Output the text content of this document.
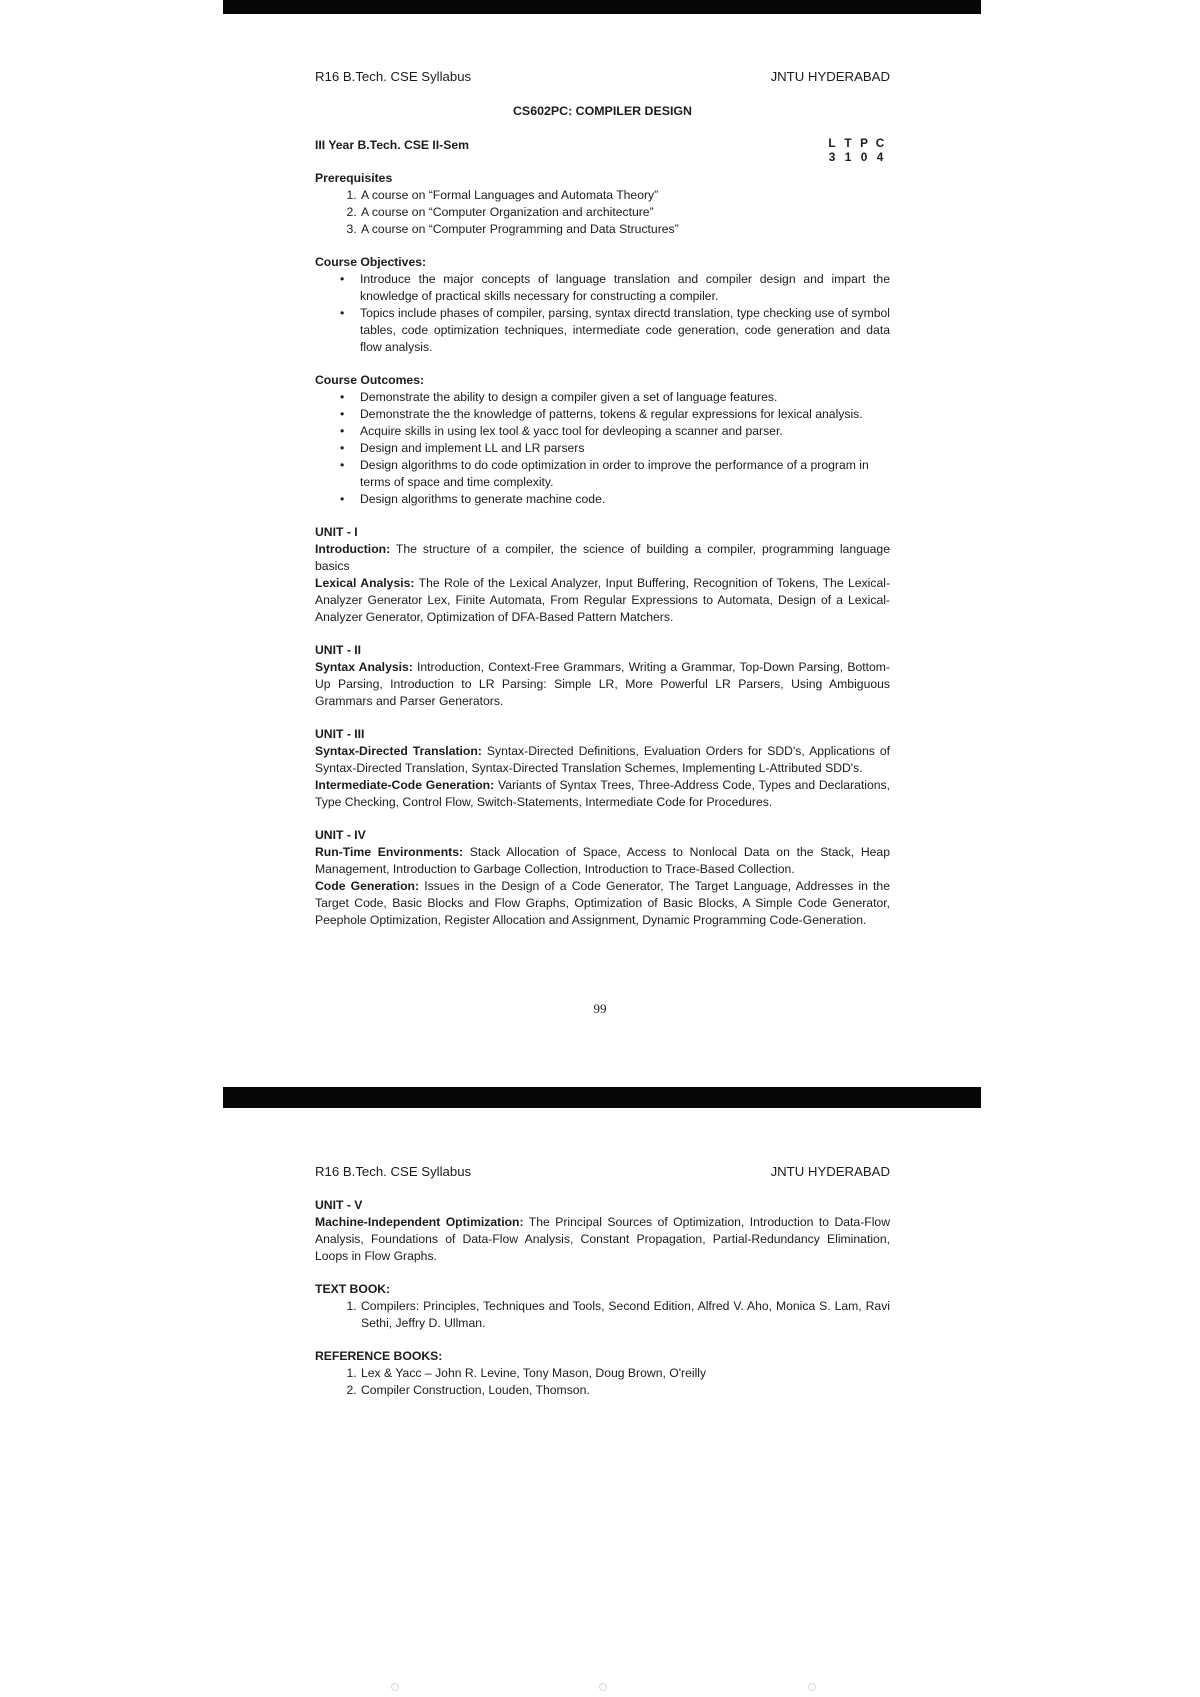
R16 B.Tech. CSE Syllabus	JNTU HYDERABAD
CS602PC: COMPILER DESIGN
III Year B.Tech. CSE II-Sem	L T P C
3 1 0 4
Prerequisites
1. A course on “Formal Languages and Automata Theory”
2. A course on “Computer Organization and architecture”
3. A course on “Computer Programming and Data Structures”
Course Objectives:
• Introduce the major concepts of language translation and compiler design and impart the knowledge of practical skills necessary for constructing a compiler.
• Topics include phases of compiler, parsing, syntax directd translation, type checking use of symbol tables, code optimization techniques, intermediate code generation, code generation and data flow analysis.
Course Outcomes:
• Demonstrate the ability to design a compiler given a set of language features.
• Demonstrate the the knowledge of patterns, tokens & regular expressions for lexical analysis.
• Acquire skills in using lex tool & yacc tool for devleoping a scanner and parser.
• Design and implement LL and LR parsers
• Design algorithms to do code optimization in order to improve the performance of a program in terms of space and time complexity.
• Design algorithms to generate machine code.
UNIT - I
Introduction: The structure of a compiler, the science of building a compiler, programming language basics
Lexical Analysis: The Role of the Lexical Analyzer, Input Buffering, Recognition of Tokens, The Lexical-Analyzer Generator Lex, Finite Automata, From Regular Expressions to Automata, Design of a Lexical-Analyzer Generator, Optimization of DFA-Based Pattern Matchers.
UNIT - II
Syntax Analysis: Introduction, Context-Free Grammars, Writing a Grammar, Top-Down Parsing, Bottom-Up Parsing, Introduction to LR Parsing: Simple LR, More Powerful LR Parsers, Using Ambiguous Grammars and Parser Generators.
UNIT - III
Syntax-Directed Translation: Syntax-Directed Definitions, Evaluation Orders for SDD's, Applications of Syntax-Directed Translation, Syntax-Directed Translation Schemes, Implementing L-Attributed SDD's.
Intermediate-Code Generation: Variants of Syntax Trees, Three-Address Code, Types and Declarations, Type Checking, Control Flow, Switch-Statements, Intermediate Code for Procedures.
UNIT - IV
Run-Time Environments: Stack Allocation of Space, Access to Nonlocal Data on the Stack, Heap Management, Introduction to Garbage Collection, Introduction to Trace-Based Collection.
Code Generation: Issues in the Design of a Code Generator, The Target Language, Addresses in the Target Code, Basic Blocks and Flow Graphs, Optimization of Basic Blocks, A Simple Code Generator, Peephole Optimization, Register Allocation and Assignment, Dynamic Programming Code-Generation.
99
R16 B.Tech. CSE Syllabus	JNTU HYDERABAD
UNIT - V
Machine-Independent Optimization: The Principal Sources of Optimization, Introduction to Data-Flow Analysis, Foundations of Data-Flow Analysis, Constant Propagation, Partial-Redundancy Elimination, Loops in Flow Graphs.
TEXT BOOK:
1. Compilers: Principles, Techniques and Tools, Second Edition, Alfred V. Aho, Monica S. Lam, Ravi Sethi, Jeffry D. Ullman.
REFERENCE BOOKS:
1. Lex & Yacc – John R. Levine, Tony Mason, Doug Brown, O'reilly
2. Compiler Construction, Louden, Thomson.
